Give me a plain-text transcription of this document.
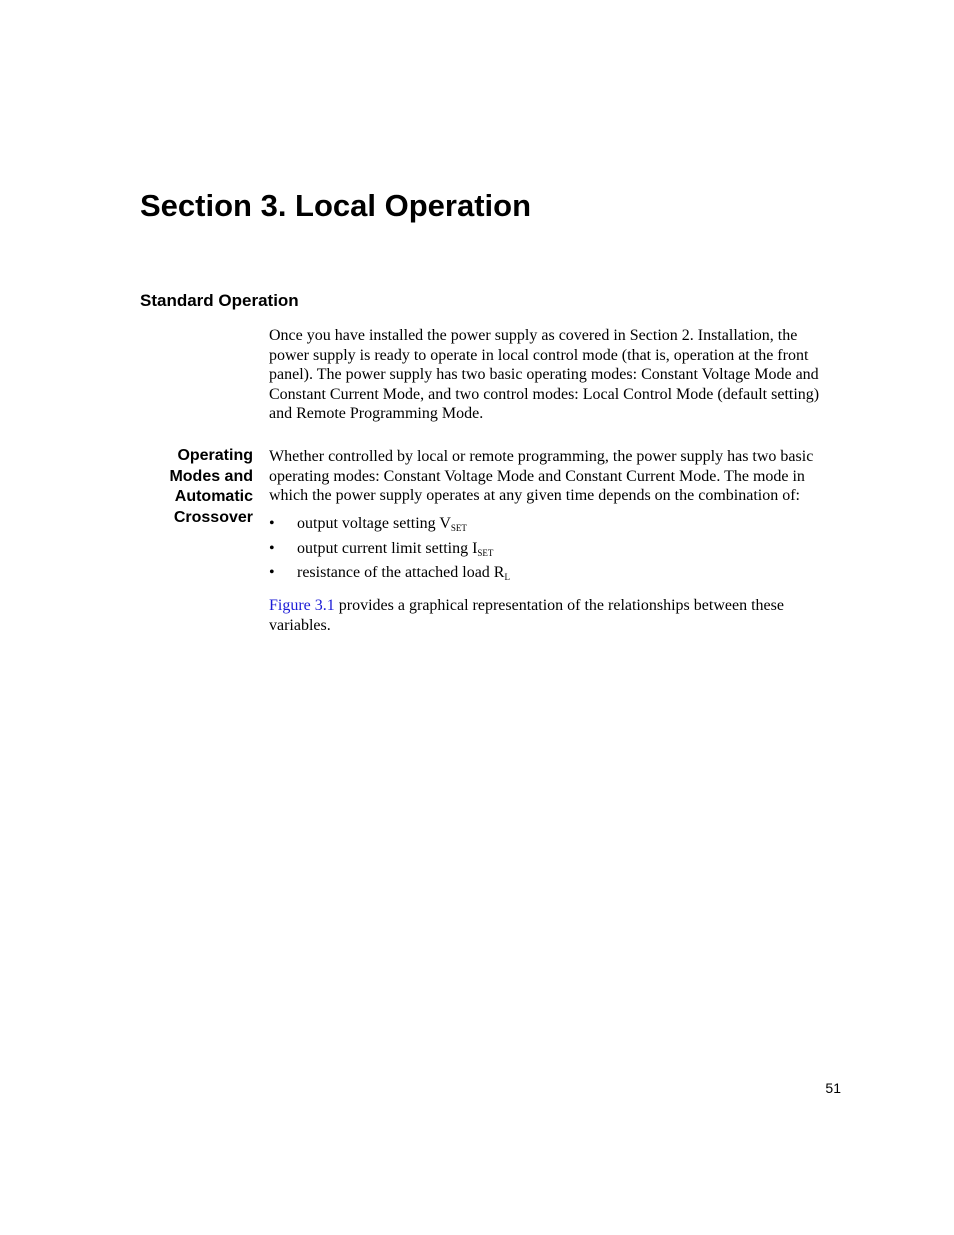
Section 3. Local Operation
Standard Operation

Once you have installed the power supply as covered in Section 2. Installation, the power supply is ready to operate in local control mode (that is, operation at the front panel). The power supply has two basic operating modes: Constant Voltage Mode and Constant Current Mode, and two control modes: Local Control Mode (default setting) and Remote Programming Mode.

Operating
Modes and
Automatic
Crossover

Whether controlled by local or remote programming, the power supply has two basic operating modes: Constant Voltage Mode and Constant Current Mode. The mode in which the power supply operates at any given time depends on the combination of:

• output voltage setting $V_{SET}$
• output current limit setting $I_{SET}$
• resistance of the attached load $R_L$

Figure 3.1 provides a graphical representation of the relationships between these variables.

51
